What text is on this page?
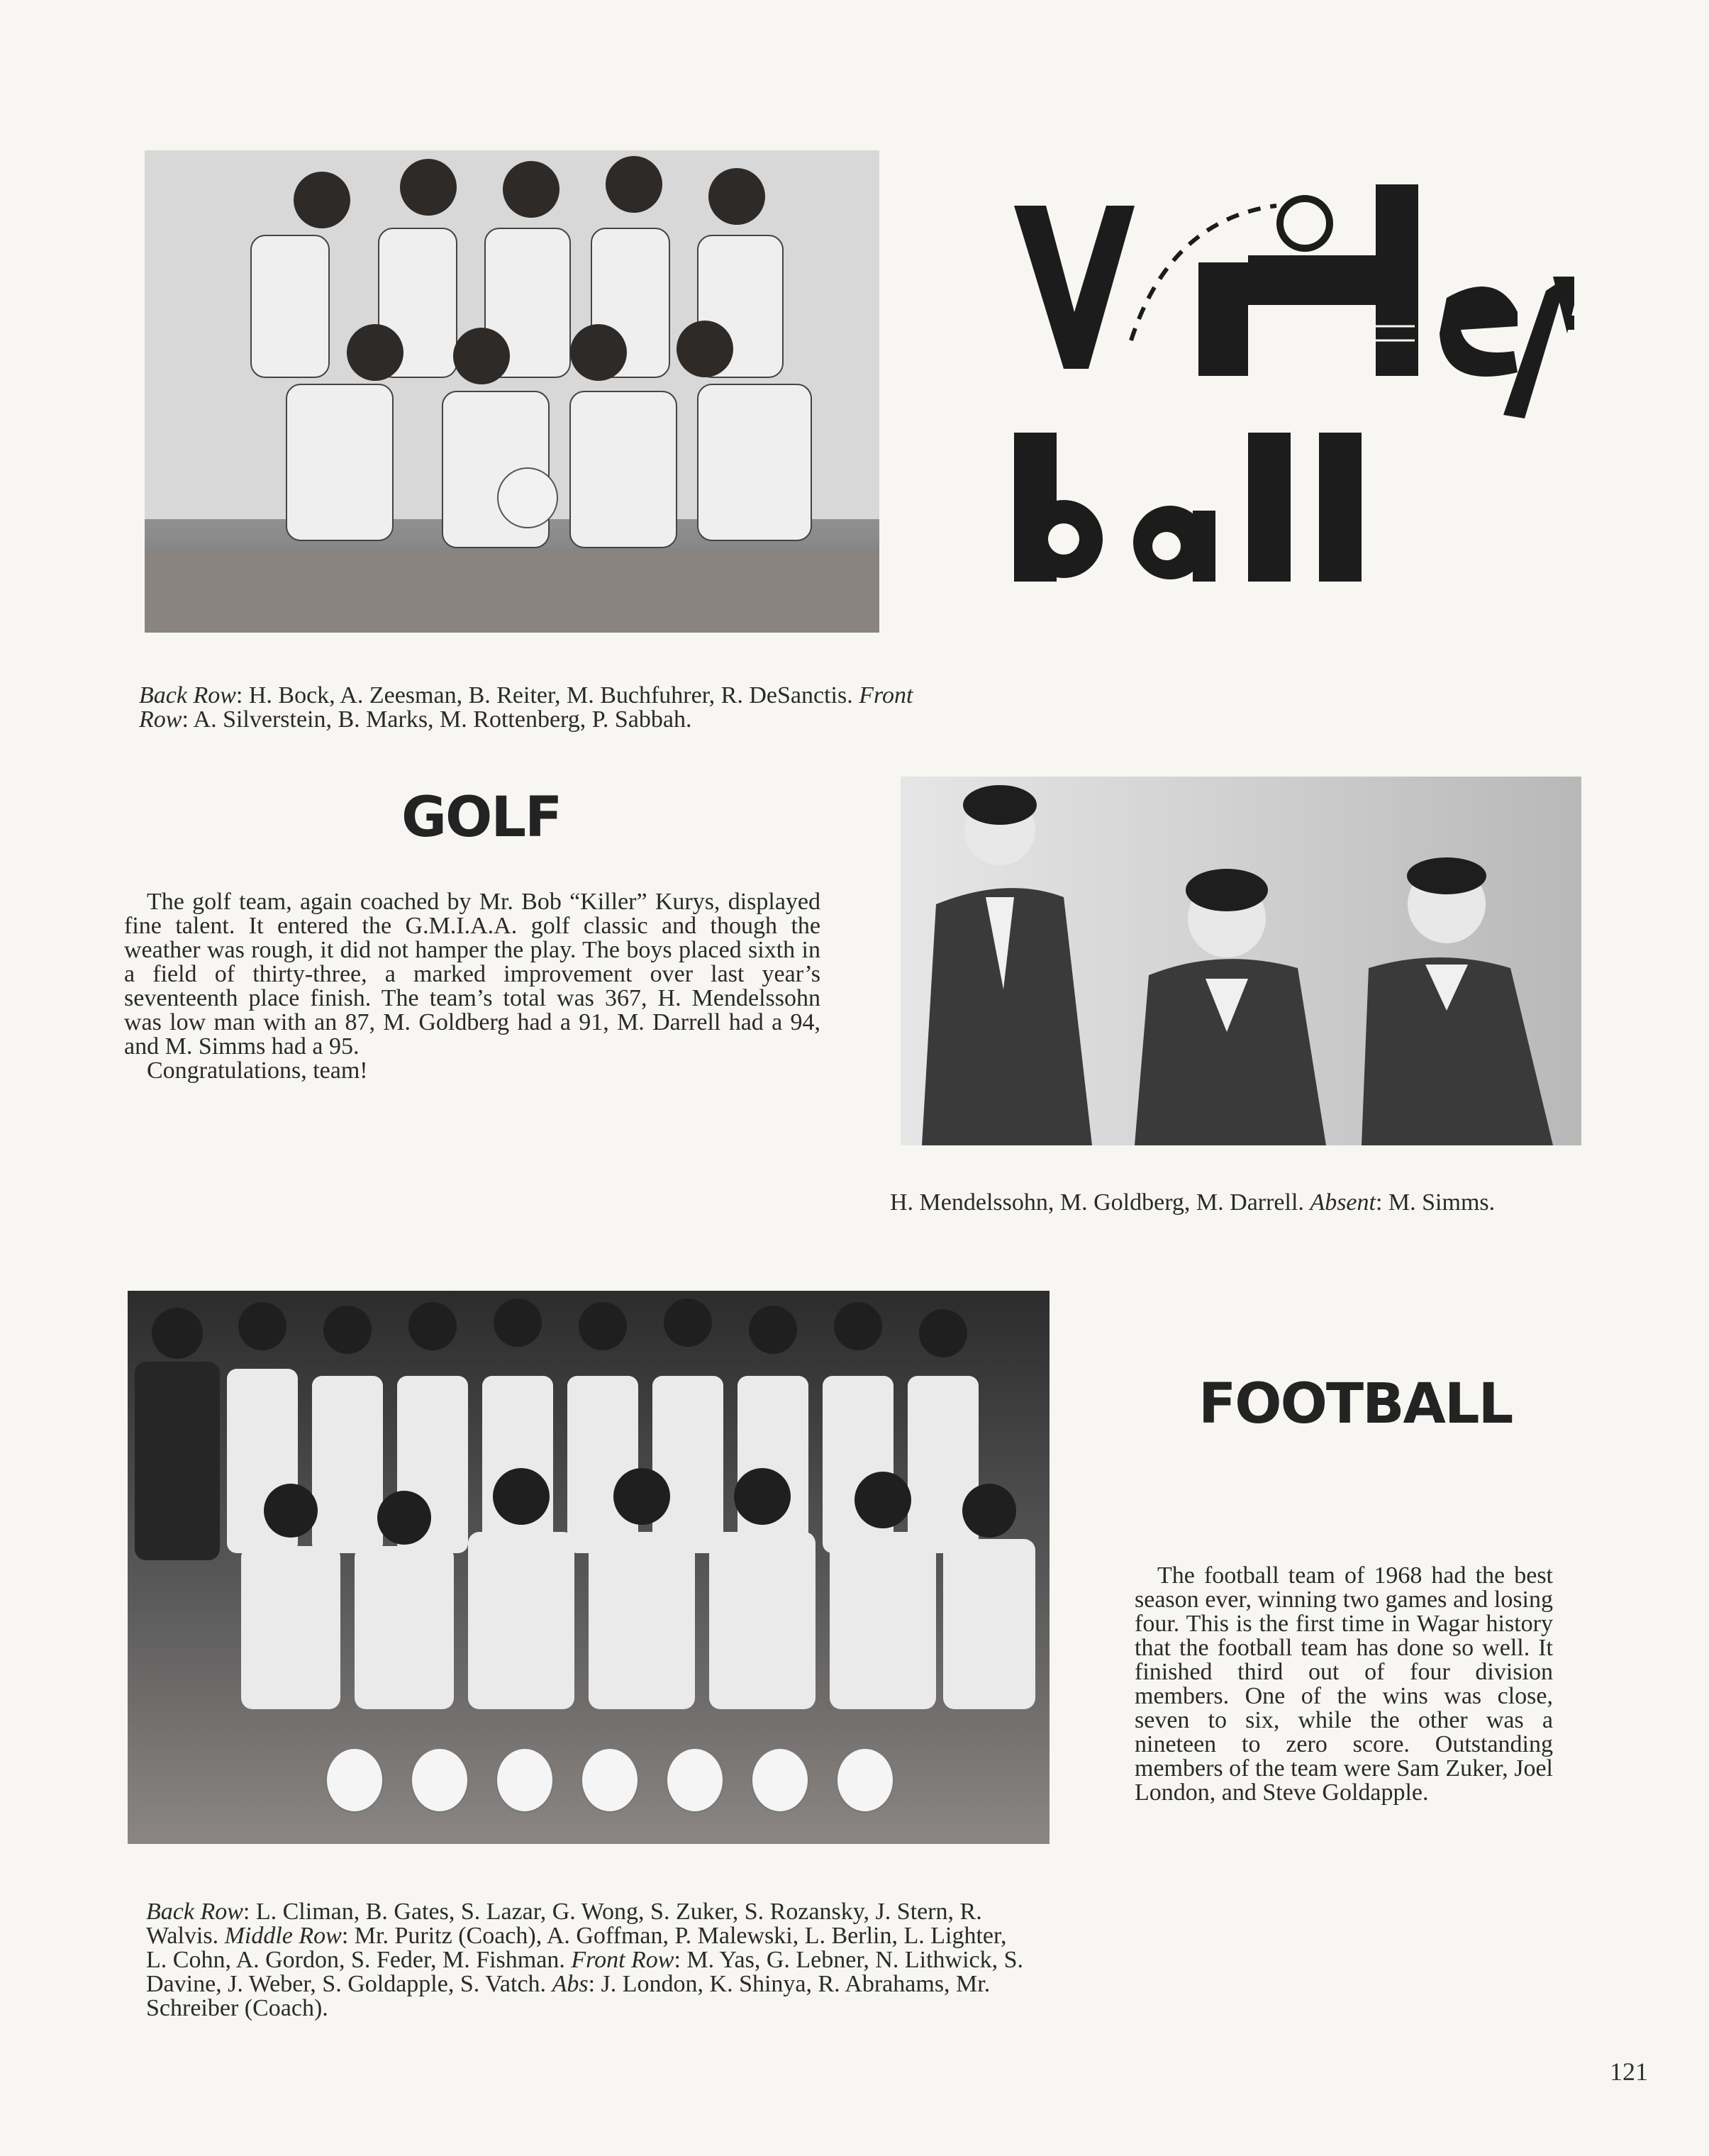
Back Row: H. Bock, A. Zeesman, B. Reiter, M. Buchfuhrer, R. DeSanctis. Front Row: A. Silverstein, B. Marks, M. Rottenberg, P. Sabbah.

GOLF

The golf team, again coached by Mr. Bob “Killer” Kurys, displayed fine talent. It entered the G.M.I.A.A. golf classic and though the weather was rough, it did not hamper the play. The boys placed sixth in a field of thirty-three, a marked improvement over last year’s seventeenth place finish. The team’s total was 367, H. Mendelssohn was low man with an 87, M. Goldberg had a 91, M. Darrell had a 94, and M. Simms had a 95.

Congratulations, team!

H. Mendelssohn, M. Goldberg, M. Darrell. Absent: M. Simms.

FOOTBALL

The football team of 1968 had the best season ever, winning two games and losing four. This is the first time in Wagar history that the football team has done so well. It finished third out of four division members. One of the wins was close, seven to six, while the other was a nineteen to zero score. Outstanding members of the team were Sam Zuker, Joel London, and Steve Goldapple.

Back Row: L. Climan, B. Gates, S. Lazar, G. Wong, S. Zuker, S. Rozansky, J. Stern, R. Walvis. Middle Row: Mr. Puritz (Coach), A. Goffman, P. Malewski, L. Berlin, L. Lighter, L. Cohn, A. Gordon, S. Feder, M. Fishman. Front Row: M. Yas, G. Lebner, N. Lithwick, S. Davine, J. Weber, S. Goldapple, S. Vatch. Abs: J. London, K. Shinya, R. Abrahams, Mr. Schreiber (Coach).

121
